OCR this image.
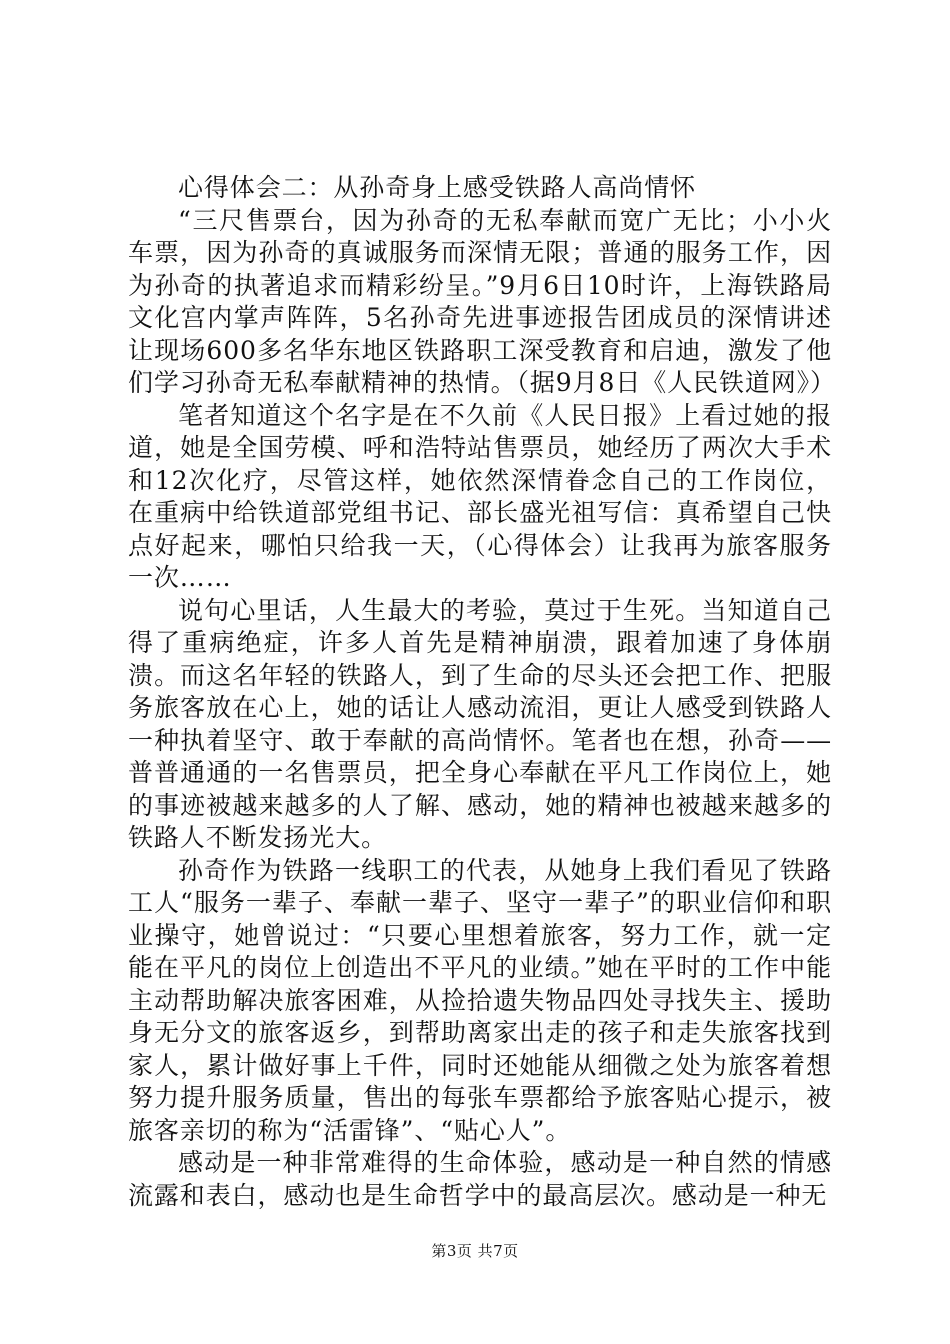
心得体会二：从孙奇身上感受铁路人高尚情怀

“三尺售票台，因为孙奇的无私奉献而宽广无比；小小火车票，因为孙奇的真诚服务而深情无限；普通的服务工作，因为孙奇的执著追求而精彩纷呈。”9月6日10时许，上海铁路局文化宫内掌声阵阵，5名孙奇先进事迹报告团成员的深情讲述让现场600多名华东地区铁路职工深受教育和启迪，激发了他们学习孙奇无私奉献精神的热情。（据9月8日《人民铁道网》）

笔者知道这个名字是在不久前《人民日报》上看过她的报道，她是全国劳模、呼和浩特站售票员，她经历了两次大手术和12次化疗，尽管这样，她依然深情眷念自己的工作岗位，在重病中给铁道部党组书记、部长盛光祖写信：真希望自己快点好起来，哪怕只给我一天，（心得体会）让我再为旅客服务一次……

说句心里话，人生最大的考验，莫过于生死。当知道自己得了重病绝症，许多人首先是精神崩溃，跟着加速了身体崩溃。而这名年轻的铁路人，到了生命的尽头还会把工作、把服务旅客放在心上，她的话让人感动流泪，更让人感受到铁路人一种执着坚守、敢于奉献的高尚情怀。笔者也在想，孙奇——普普通通的一名售票员，把全身心奉献在平凡工作岗位上，她的事迹被越来越多的人了解、感动，她的精神也被越来越多的铁路人不断发扬光大。

孙奇作为铁路一线职工的代表，从她身上我们看见了铁路工人“服务一辈子、奉献一辈子、坚守一辈子”的职业信仰和职业操守，她曾说过：“只要心里想着旅客，努力工作，就一定能在平凡的岗位上创造出不平凡的业绩。”她在平时的工作中能主动帮助解决旅客困难，从捡拾遗失物品四处寻找失主、援助身无分文的旅客返乡，到帮助离家出走的孩子和走失旅客找到家人，累计做好事上千件，同时还她能从细微之处为旅客着想努力提升服务质量，售出的每张车票都给予旅客贴心提示，被旅客亲切的称为“活雷锋”、“贴心人”。

感动是一种非常难得的生命体验，感动是一种自然的情感流露和表白，感动也是生命哲学中的最高层次。感动是一种无

第3页 共7页
